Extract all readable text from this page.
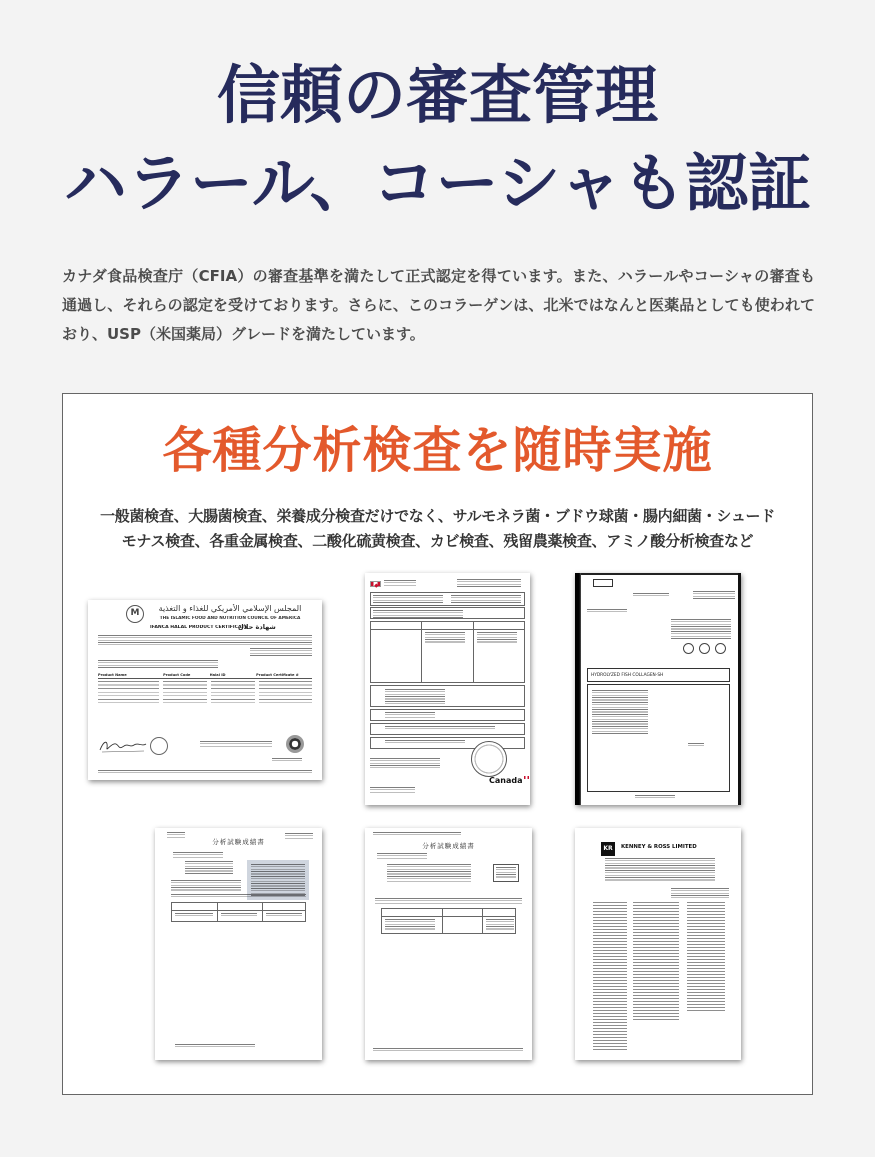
信頼の審査管理
ハラール、コーシャも認証
カナダ食品検査庁（CFIA）の審査基準を満たして正式認定を得ています。また、ハラールやコーシャの審査も
通過し、それらの認定を受けております。さらに、このコラーゲンは、北米ではなんと医薬品としても使われて
おり、USP（米国薬局）グレードを満たしています。
各種分析検査を随時実施
一般菌検査、大腸菌検査、栄養成分検査だけでなく、サルモネラ菌・ブドウ球菌・腸内細菌・シュード
モナス検査、各重金属検査、二酸化硫黄検査、カビ検査、残留農薬検査、アミノ酸分析検査など
M	المجلس الإسلامي الأمريكي للغذاء و التغذية
THE ISLAMIC FOOD AND NUTRITION COUNCIL OF AMERICA
IFANCA HALAL PRODUCT CERTIFICATE
شهادة حلال
Product Name	Product Code	Halal ID	Product Certificate #
Canada
HYDROLYZED FISH COLLAGEN-SH
分析試験成績書	分析試験成績書	KR	KENNEY & ROSS LIMITED
